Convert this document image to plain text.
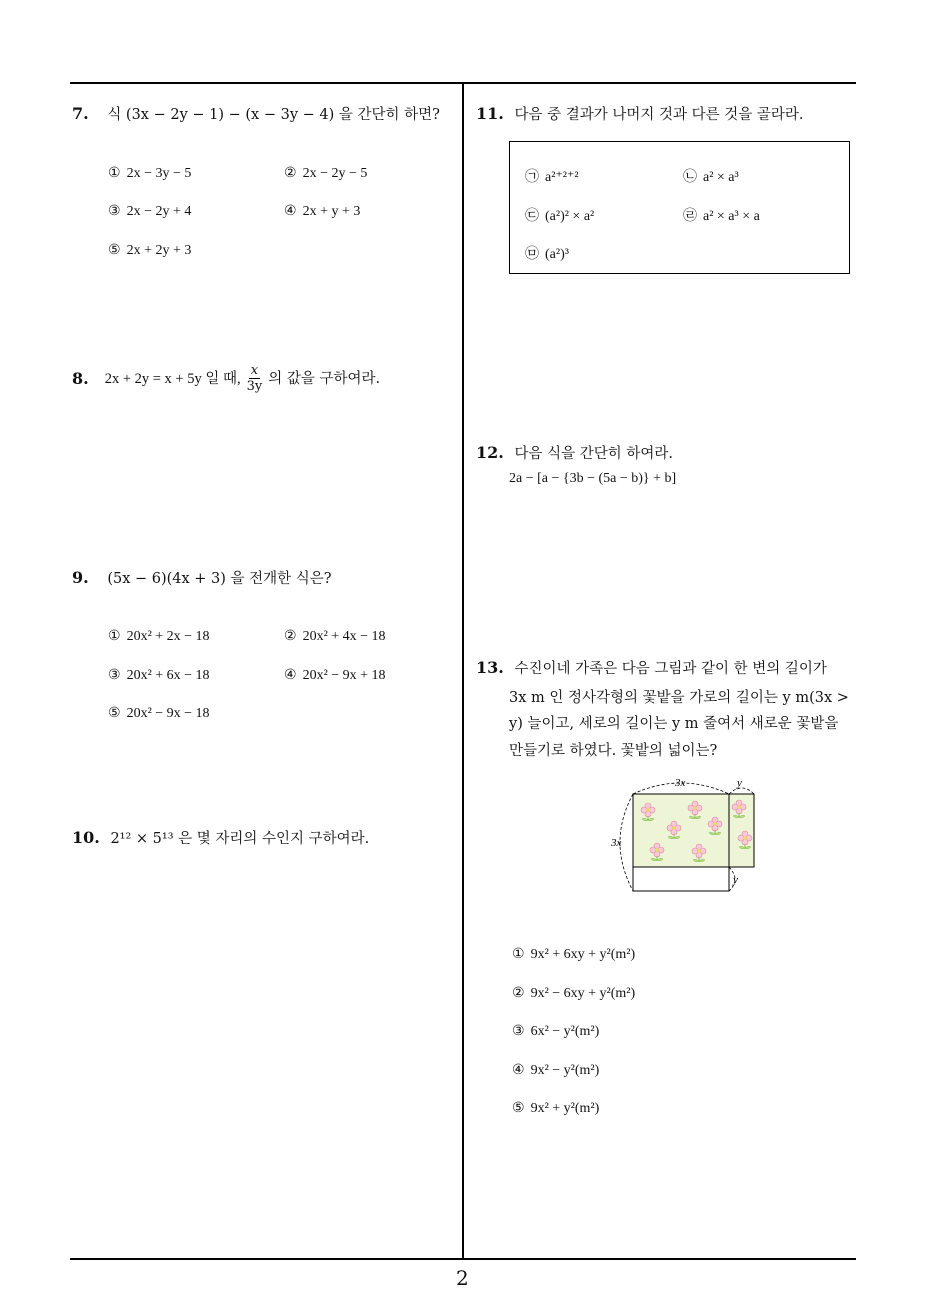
7. 식 (3x − 2y − 1) − (x − 3y − 4) 을 간단히 하면?
① 2x − 3y − 5	② 2x − 2y − 5
③ 2x − 2y + 4	④ 2x + y + 3
⑤ 2x + 2y + 3
8. 2x + 2y = x + 5y 일 때, $\frac{x}{3y}$ 의 값을 구하여라.
9. (5x − 6)(4x + 3) 을 전개한 식은?
① 20x² + 2x − 18	② 20x² + 4x − 18
③ 20x² + 6x − 18	④ 20x² − 9x + 18
⑤ 20x² − 9x − 18
10. 2¹² × 5¹³ 은 몇 자리의 수인지 구하여라.
11. 다음 중 결과가 나머지 것과 다른 것을 골라라.
㉠ a²⁺²⁺²	㉡ a² × a³
㉢ (a²)² × a²	㉣ a² × a³ × a
㉤ (a²)³
12. 다음 식을 간단히 하여라.
2a − [a − {3b − (5a − b)} + b]
13. 수진이네 가족은 다음 그림과 같이 한 변의 길이가
3x m 인 정사각형의 꽃밭을 가로의 길이는 y m(3x >
y) 늘이고, 세로의 길이는 y m 줄여서 새로운 꽃밭을
만들기로 하였다. 꽃밭의 넓이는?
3x	y
3x
y
① 9x² + 6xy + y²(m²)
② 9x² − 6xy + y²(m²)
③ 6x² − y²(m²)
④ 9x² − y²(m²)
⑤ 9x² + y²(m²)
2
